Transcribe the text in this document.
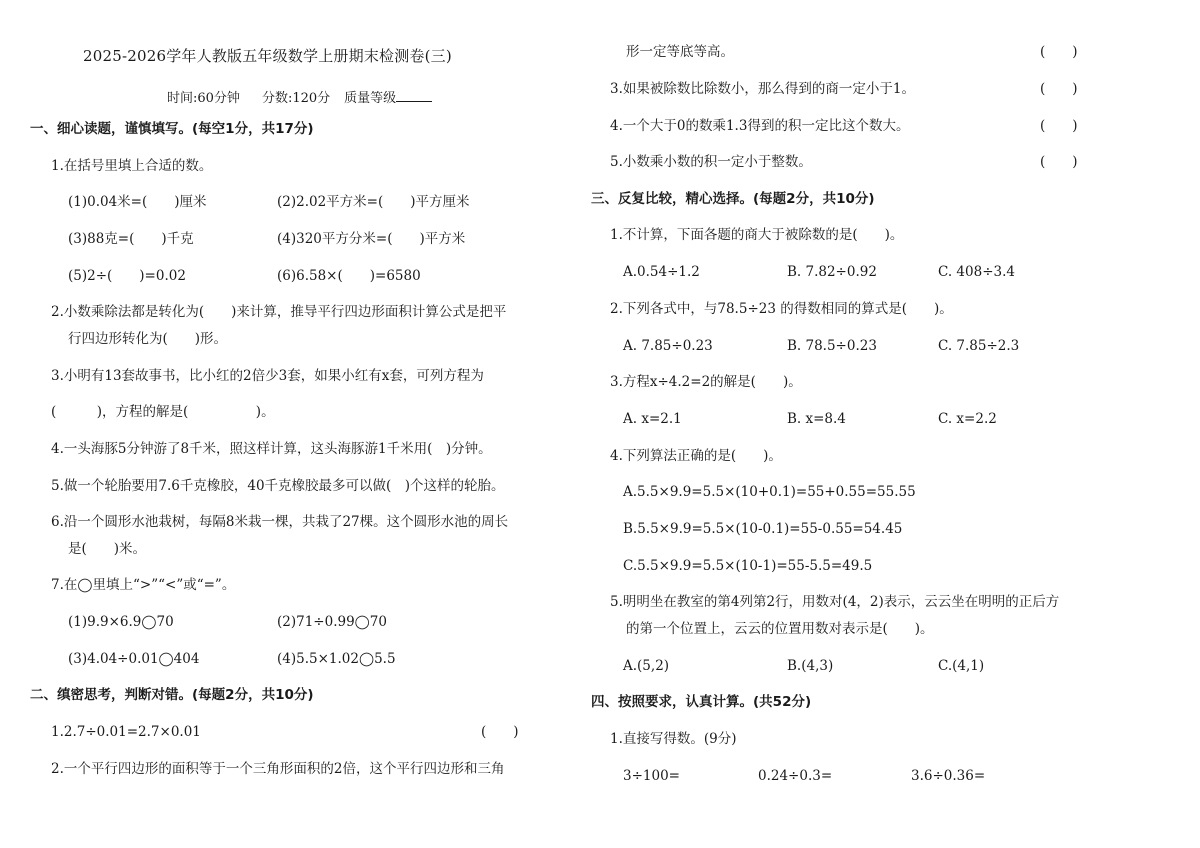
2025-2026学年人教版五年级数学上册期末检测卷(三)
时间:60分钟 分数:120分 质量等级
一、细心读题，谨慎填写。(每空1分，共17分)
1.在括号里填上合适的数。
(1)0.04米=(　　)厘米	(2)2.02平方米=(　　)平方厘米
(3)88克=(　　)千克	(4)320平方分米=(　　)平方米
(5)2÷(　　)=0.02	(6)6.58×(　　)=6580
2.小数乘除法都是转化为(　　)来计算，推导平行四边形面积计算公式是把平
行四边形转化为(　　)形。
3.小明有13套故事书，比小红的2倍少3套，如果小红有x套，可列方程为
(　　　)，方程的解是(　　　　　)。
4.一头海豚5分钟游了8千米，照这样计算，这头海豚游1千米用(　)分钟。
5.做一个轮胎要用7.6千克橡胶，40千克橡胶最多可以做(　)个这样的轮胎。
6.沿一个圆形水池栽树，每隔8米栽一棵，共栽了27棵。这个圆形水池的周长
是(　　)米。
7.在◯里填上“>”“<”或“=”。
(1)9.9×6.9◯70	(2)71÷0.99◯70
(3)4.04÷0.01◯404	(4)5.5×1.02◯5.5
二、缜密思考，判断对错。(每题2分，共10分)
1.2.7÷0.01=2.7×0.01	(　　)
2.一个平行四边形的面积等于一个三角形面积的2倍，这个平行四边形和三角
形一定等底等高。	(　　)
3.如果被除数比除数小，那么得到的商一定小于1。	(　　)
4.一个大于0的数乘1.3得到的积一定比这个数大。	(　　)
5.小数乘小数的积一定小于整数。	(　　)
三、反复比较，精心选择。(每题2分，共10分)
1.不计算，下面各题的商大于被除数的是(　　)。
A.0.54÷1.2	B. 7.82÷0.92	C. 408÷3.4
2.下列各式中，与78.5÷23 的得数相同的算式是(　　)。
A. 7.85÷0.23	B. 78.5÷0.23	C. 7.85÷2.3
3.方程x÷4.2=2的解是(　　)。
A. x=2.1	B. x=8.4	C. x=2.2
4.下列算法正确的是(　　)。
A.5.5×9.9=5.5×(10+0.1)=55+0.55=55.55
B.5.5×9.9=5.5×(10-0.1)=55-0.55=54.45
C.5.5×9.9=5.5×(10-1)=55-5.5=49.5
5.明明坐在教室的第4列第2行，用数对(4，2)表示，云云坐在明明的正后方
的第一个位置上，云云的位置用数对表示是(　　)。
A.(5,2)	B.(4,3)	C.(4,1)
四、按照要求，认真计算。(共52分)
1.直接写得数。(9分)
3÷100=	0.24÷0.3=	3.6÷0.36=
